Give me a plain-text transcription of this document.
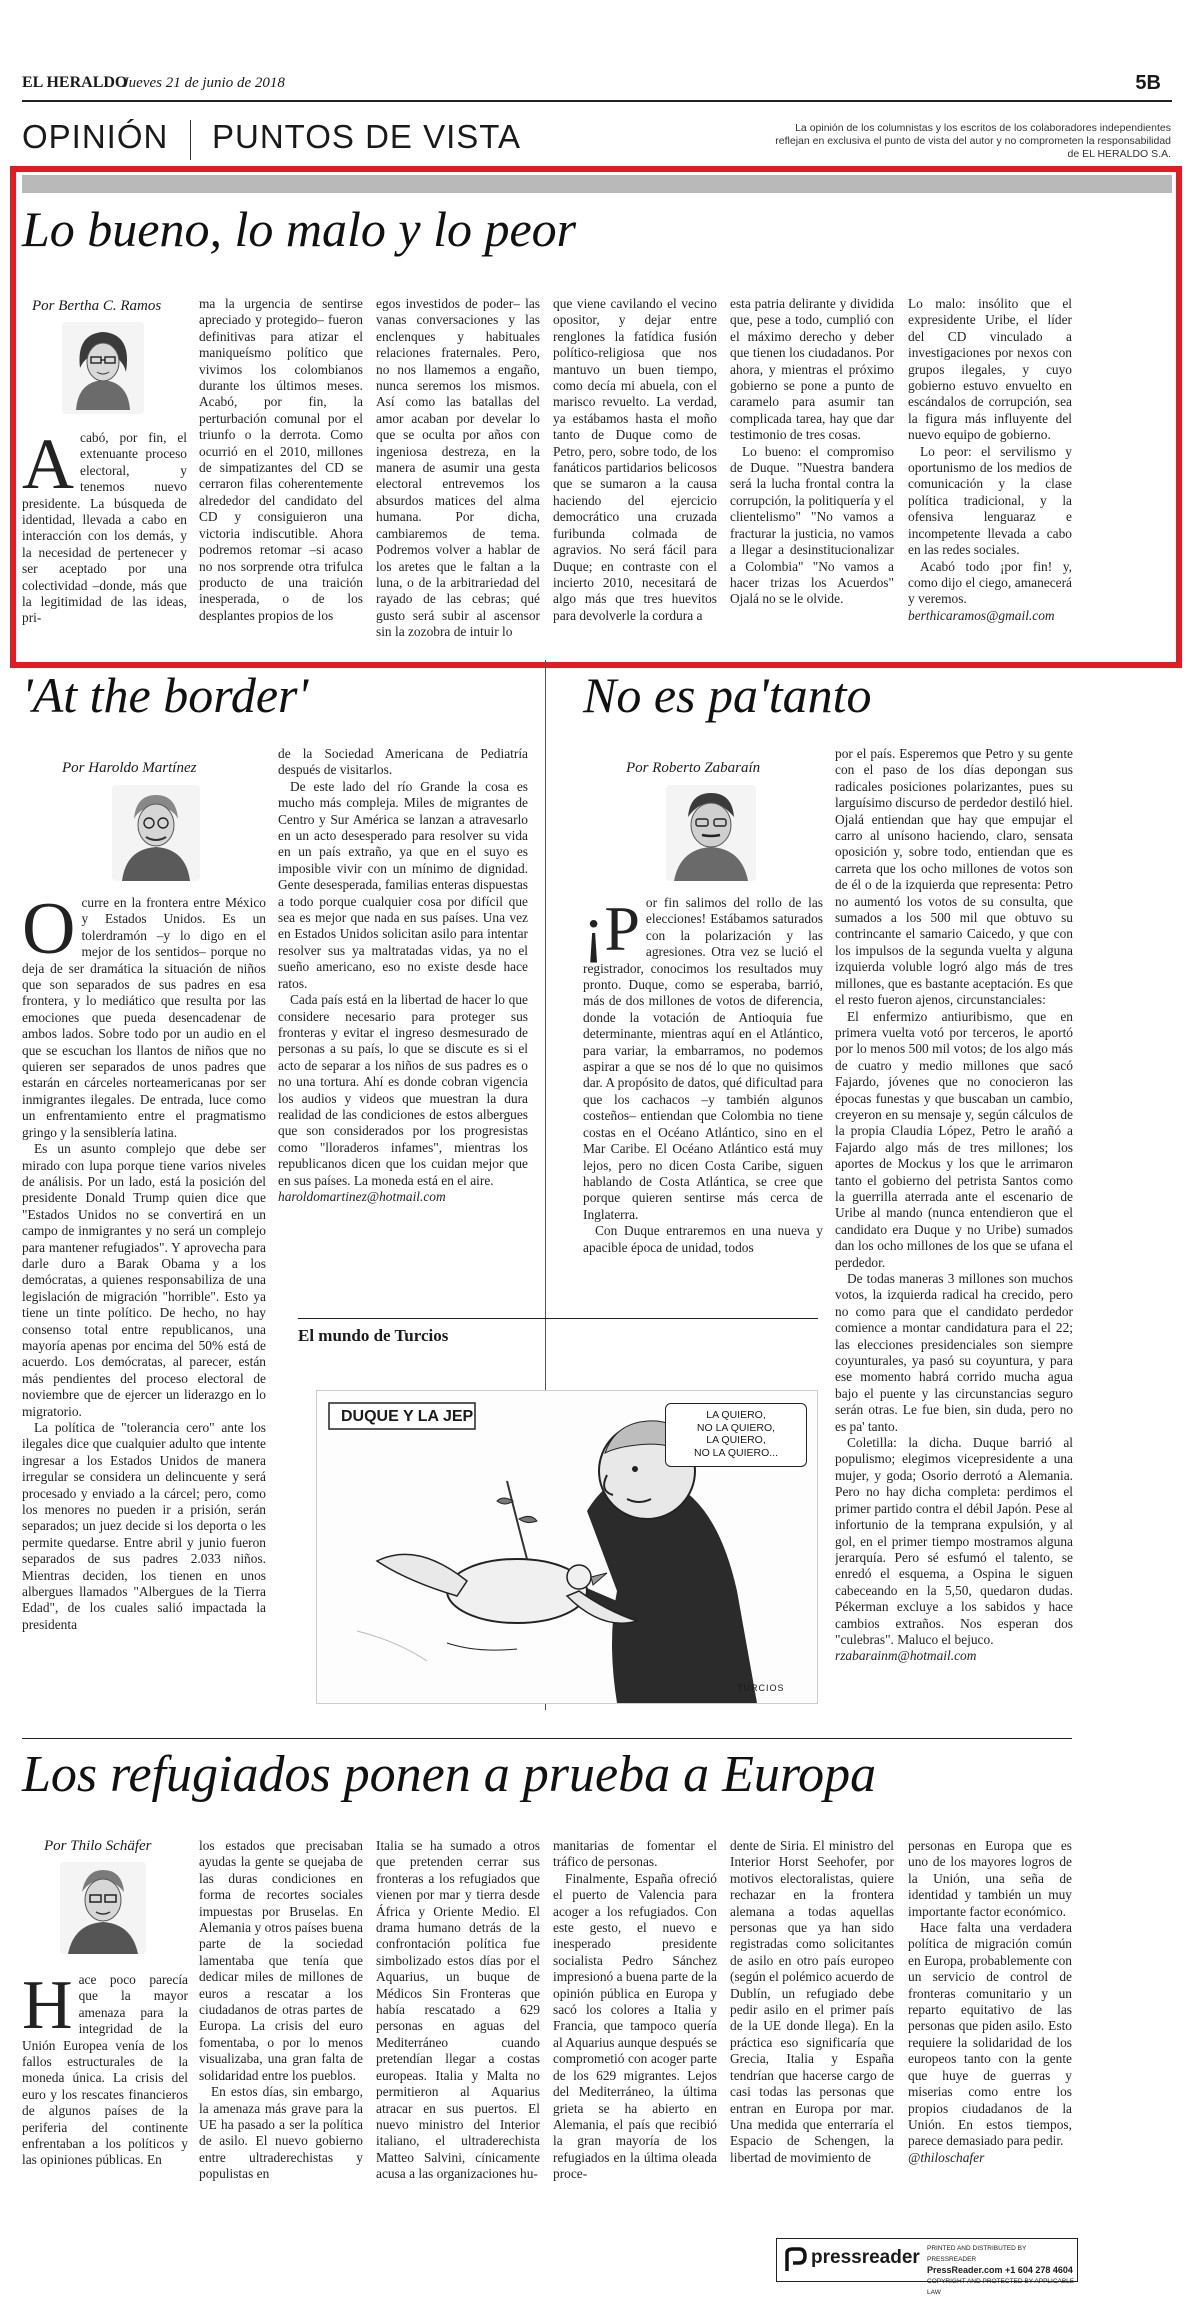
EL HERALDO
Jueves 21 de junio de 2018	5B
OPINIÓN PUNTOS DE VISTA	La opinión de los columnistas y los escritos de los colaboradores independientes reflejan en exclusiva el punto de vista del autor y no comprometen la responsabilidad de EL HERALDO S.A.
Lo bueno, lo malo y lo peor
Por Bertha C. Ramos
A cabó, por fin, el extenuante proceso electoral, y tenemos nuevo presidente. La búsqueda de identidad, llevada a cabo en interacción con los demás, y la necesidad de pertenecer y ser aceptado por una colectividad –donde, más que la legitimidad de las ideas, pri-

ma la urgencia de sentirse apreciado y protegido– fueron definitivas para atizar el maniqueísmo político que vivimos los colombianos durante los últimos meses. Acabó, por fin, la perturbación comunal por el triunfo o la derrota. Como ocurrió en el 2010, millones de simpatizantes del CD se cerraron filas coherentemente alrededor del candidato del CD y consiguieron una victoria indiscutible. Ahora podremos retomar –si acaso no nos sorprende otra trifulca producto de una traición inesperada, o de los desplantes propios de los

egos investidos de poder– las vanas conversaciones y las enclenques y habituales relaciones fraternales. Pero, no nos llamemos a engaño, nunca seremos los mismos. Así como las batallas del amor acaban por develar lo que se oculta por años con ingeniosa destreza, en la manera de asumir una gesta electoral entrevemos los absurdos matices del alma humana. Por dicha, cambiaremos de tema. Podremos volver a hablar de los aretes que le faltan a la luna, o de la arbitrariedad del rayado de las cebras; qué gusto será subir al ascensor sin la zozobra de intuir lo

que viene cavilando el vecino opositor, y dejar entre renglones la fatídica fusión político-religiosa que nos mantuvo un buen tiempo, como decía mi abuela, con el marisco revuelto. La verdad, ya estábamos hasta el moño tanto de Duque como de Petro, pero, sobre todo, de los fanáticos partidarios belicosos que se sumaron a la causa haciendo del ejercicio democrático una cruzada furibunda colmada de agravios. No será fácil para Duque; en contraste con el incierto 2010, necesitará de algo más que tres huevitos para devolverle la cordura a

esta patria delirante y dividida que, pese a todo, cumplió con el máximo derecho y deber que tienen los ciudadanos. Por ahora, y mientras el próximo gobierno se pone a punto de caramelo para asumir tan complicada tarea, hay que dar testimonio de tres cosas.

Lo bueno: el compromiso de Duque. "Nuestra bandera será la lucha frontal contra la corrupción, la politiquería y el clientelismo" "No vamos a fracturar la justicia, no vamos a llegar a desinstitucionalizar a Colombia" "No vamos a hacer trizas los Acuerdos" Ojalá no se le olvide.

Lo malo: insólito que el expresidente Uribe, el líder del CD vinculado a investigaciones por nexos con grupos ilegales, y cuyo gobierno estuvo envuelto en escándalos de corrupción, sea la figura más influyente del nuevo equipo de gobierno.

Lo peor: el servilismo y oportunismo de los medios de comunicación y la clase política tradicional, y la ofensiva lenguaraz e incompetente llevada a cabo en las redes sociales.

Acabó todo ¡por fin! y, como dijo el ciego, amanecerá y veremos.

berthicaramos@gmail.com

'At the border'
Por Haroldo Martínez
O curre en la frontera entre México y Estados Unidos. Es un tolerdramón –y lo digo en el mejor de los sentidos– porque no deja de ser dramática la situación de niños que son separados de sus padres en esa frontera, y lo mediático que resulta por las emociones que pueda desencadenar de ambos lados. Sobre todo por un audio en el que se escuchan los llantos de niños que no quieren ser separados de unos padres que estarán en cárceles norteamericanas por ser inmigrantes ilegales. De entrada, luce como un enfrentamiento entre el pragmatismo gringo y la sensiblería latina.

Es un asunto complejo que debe ser mirado con lupa porque tiene varios niveles de análisis. Por un lado, está la posición del presidente Donald Trump quien dice que "Estados Unidos no se convertirá en un campo de inmigrantes y no será un complejo para mantener refugiados". Y aprovecha para darle duro a Barak Obama y a los demócratas, a quienes responsabiliza de una legislación de migración "horrible". Esto ya tiene un tinte político. De hecho, no hay consenso total entre republicanos, una mayoría apenas por encima del 50% está de acuerdo. Los demócratas, al parecer, están más pendientes del proceso electoral de noviembre que de ejercer un liderazgo en lo migratorio.

La política de "tolerancia cero" ante los ilegales dice que cualquier adulto que intente ingresar a los Estados Unidos de manera irregular se considera un delincuente y será procesado y enviado a la cárcel; pero, como los menores no pueden ir a prisión, serán separados; un juez decide si los deporta o les permite quedarse. Entre abril y junio fueron separados de sus padres 2.033 niños. Mientras deciden, los tienen en unos albergues llamados "Albergues de la Tierra Edad", de los cuales salió impactada la presidenta

de la Sociedad Americana de Pediatría después de visitarlos.

De este lado del río Grande la cosa es mucho más compleja. Miles de migrantes de Centro y Sur América se lanzan a atravesarlo en un acto desesperado para resolver su vida en un país extraño, ya que en el suyo es imposible vivir con un mínimo de dignidad. Gente desesperada, familias enteras dispuestas a todo porque cualquier cosa por difícil que sea es mejor que nada en sus países. Una vez en Estados Unidos solicitan asilo para intentar resolver sus ya maltratadas vidas, ya no el sueño americano, eso no existe desde hace ratos.

Cada país está en la libertad de hacer lo que considere necesario para proteger sus fronteras y evitar el ingreso desmesurado de personas a su país, lo que se discute es si el acto de separar a los niños de sus padres es o no una tortura. Ahí es donde cobran vigencia los audios y videos que muestran la dura realidad de las condiciones de estos albergues que son considerados por los progresistas como "lloraderos infames", mientras los republicanos dicen que los cuidan mejor que en sus países. La moneda está en el aire.

haroldomartinez@hotmail.com

El mundo de Turcios
DUQUE Y LA JEP	LA QUIERO,
NO LA QUIERO,
LA QUIERO,
NO LA QUIERO...
TURCIOS
No es pa'tanto
Por Roberto Zabaraín
¡P or fin salimos del rollo de las elecciones! Estábamos saturados con la polarización y las agresiones. Otra vez se lució el registrador, conocimos los resultados muy pronto. Duque, como se esperaba, barrió, más de dos millones de votos de diferencia, donde la votación de Antioquia fue determinante, mientras aquí en el Atlántico, para variar, la embarramos, no podemos aspirar a que se nos dé lo que no quisimos dar. A propósito de datos, qué dificultad para que los cachacos –y también algunos costeños– entiendan que Colombia no tiene costas en el Océano Atlántico, sino en el Mar Caribe. El Océano Atlántico está muy lejos, pero no dicen Costa Caribe, siguen hablando de Costa Atlántica, se cree que porque quieren sentirse más cerca de Inglaterra.

Con Duque entraremos en una nueva y apacible época de unidad, todos

por el país. Esperemos que Petro y su gente con el paso de los días depongan sus radicales posiciones polarizantes, pues su larguísimo discurso de perdedor destiló hiel. Ojalá entiendan que hay que empujar el carro al unísono haciendo, claro, sensata oposición y, sobre todo, entiendan que es carreta que los ocho millones de votos son de él o de la izquierda que representa: Petro no aumentó los votos de su consulta, que sumados a los 500 mil que obtuvo su contrincante el samario Caicedo, y que con los impulsos de la segunda vuelta y alguna izquierda voluble logró algo más de tres millones, que es bastante aceptación. Es que el resto fueron ajenos, circunstanciales:

El enfermizo antiuribismo, que en primera vuelta votó por terceros, le aportó por lo menos 500 mil votos; de los algo más de cuatro y medio millones que sacó Fajardo, jóvenes que no conocieron las épocas funestas y que buscaban un cambio, creyeron en su mensaje y, según cálculos de la propia Claudia López, Petro le arañó a Fajardo algo más de tres millones; los aportes de Mockus y los que le arrimaron tanto el gobierno del petrista Santos como la guerrilla aterrada ante el escenario de Uribe al mando (nunca entendieron que el candidato era Duque y no Uribe) sumados dan los ocho millones de los que se ufana el perdedor.

De todas maneras 3 millones son muchos votos, la izquierda radical ha crecido, pero no como para que el candidato perdedor comience a montar candidatura para el 22; las elecciones presidenciales son siempre coyunturales, ya pasó su coyuntura, y para ese momento habrá corrido mucha agua bajo el puente y las circunstancias seguro serán otras. Le fue bien, sin duda, pero no es pa' tanto.

Coletilla: la dicha. Duque barrió al populismo; elegimos vicepresidente a una mujer, y goda; Osorio derrotó a Alemania. Pero no hay dicha completa: perdimos el primer partido contra el débil Japón. Pese al infortunio de la temprana expulsión, y al gol, en el primer tiempo mostramos alguna jerarquía. Pero sé esfumó el talento, se enredó el esquema, a Ospina le siguen cabeceando en la 5,50, quedaron dudas. Pékerman excluye a los sabidos y hace cambios extraños. Nos esperan dos "culebras". Maluco el bejuco.

rzabarainm@hotmail.com

Los refugiados ponen a prueba a Europa
Por Thilo Schäfer
H ace poco parecía que la mayor amenaza para la integridad de la Unión Europea venía de los fallos estructurales de la moneda única. La crisis del euro y los rescates financieros de algunos países de la periferia del continente enfrentaban a los políticos y las opiniones públicas. En

los estados que precisaban ayudas la gente se quejaba de las duras condiciones en forma de recortes sociales impuestas por Bruselas. En Alemania y otros países buena parte de la sociedad lamentaba que tenía que dedicar miles de millones de euros a rescatar a los ciudadanos de otras partes de Europa. La crisis del euro fomentaba, o por lo menos visualizaba, una gran falta de solidaridad entre los pueblos.

En estos días, sin embargo, la amenaza más grave para la UE ha pasado a ser la política de asilo. El nuevo gobierno entre ultraderechistas y populistas en

Italia se ha sumado a otros que pretenden cerrar sus fronteras a los refugiados que vienen por mar y tierra desde África y Oriente Medio. El drama humano detrás de la confrontación política fue simbolizado estos días por el Aquarius, un buque de Médicos Sin Fronteras que había rescatado a 629 personas en aguas del Mediterráneo cuando pretendían llegar a costas europeas. Italia y Malta no permitieron al Aquarius atracar en sus puertos. El nuevo ministro del Interior italiano, el ultraderechista Matteo Salvini, cínicamente acusa a las organizaciones hu-

manitarias de fomentar el tráfico de personas.

Finalmente, España ofreció el puerto de Valencia para acoger a los refugiados. Con este gesto, el nuevo e inesperado presidente socialista Pedro Sánchez impresionó a buena parte de la opinión pública en Europa y sacó los colores a Italia y Francia, que tampoco quería al Aquarius aunque después se comprometió con acoger parte de los 629 migrantes. Lejos del Mediterráneo, la última grieta se ha abierto en Alemania, el país que recibió la gran mayoría de los refugiados en la última oleada proce-

dente de Siria. El ministro del Interior Horst Seehofer, por motivos electoralistas, quiere rechazar en la frontera alemana a todas aquellas personas que ya han sido registradas como solicitantes de asilo en otro país europeo (según el polémico acuerdo de Dublín, un refugiado debe pedir asilo en el primer país de la UE donde llega). En la práctica eso significaría que Grecia, Italia y España tendrían que hacerse cargo de casi todas las personas que entran en Europa por mar. Una medida que enterraría el Espacio de Schengen, la libertad de movimiento de

personas en Europa que es uno de los mayores logros de la Unión, una seña de identidad y también un muy importante factor económico.

Hace falta una verdadera política de migración común en Europa, probablemente con un servicio de control de fronteras comunitario y un reparto equitativo de las personas que piden asilo. Esto requiere la solidaridad de los europeos tanto con la gente que huye de guerras y miserias como entre los propios ciudadanos de la Unión. En estos tiempos, parece demasiado para pedir.

@thiloschafer

pressreader PRINTED AND DISTRIBUTED BY PRESSREADER
PressReader.com +1 604 278 4604
COPYRIGHT AND PROTECTED BY APPLICABLE LAW
